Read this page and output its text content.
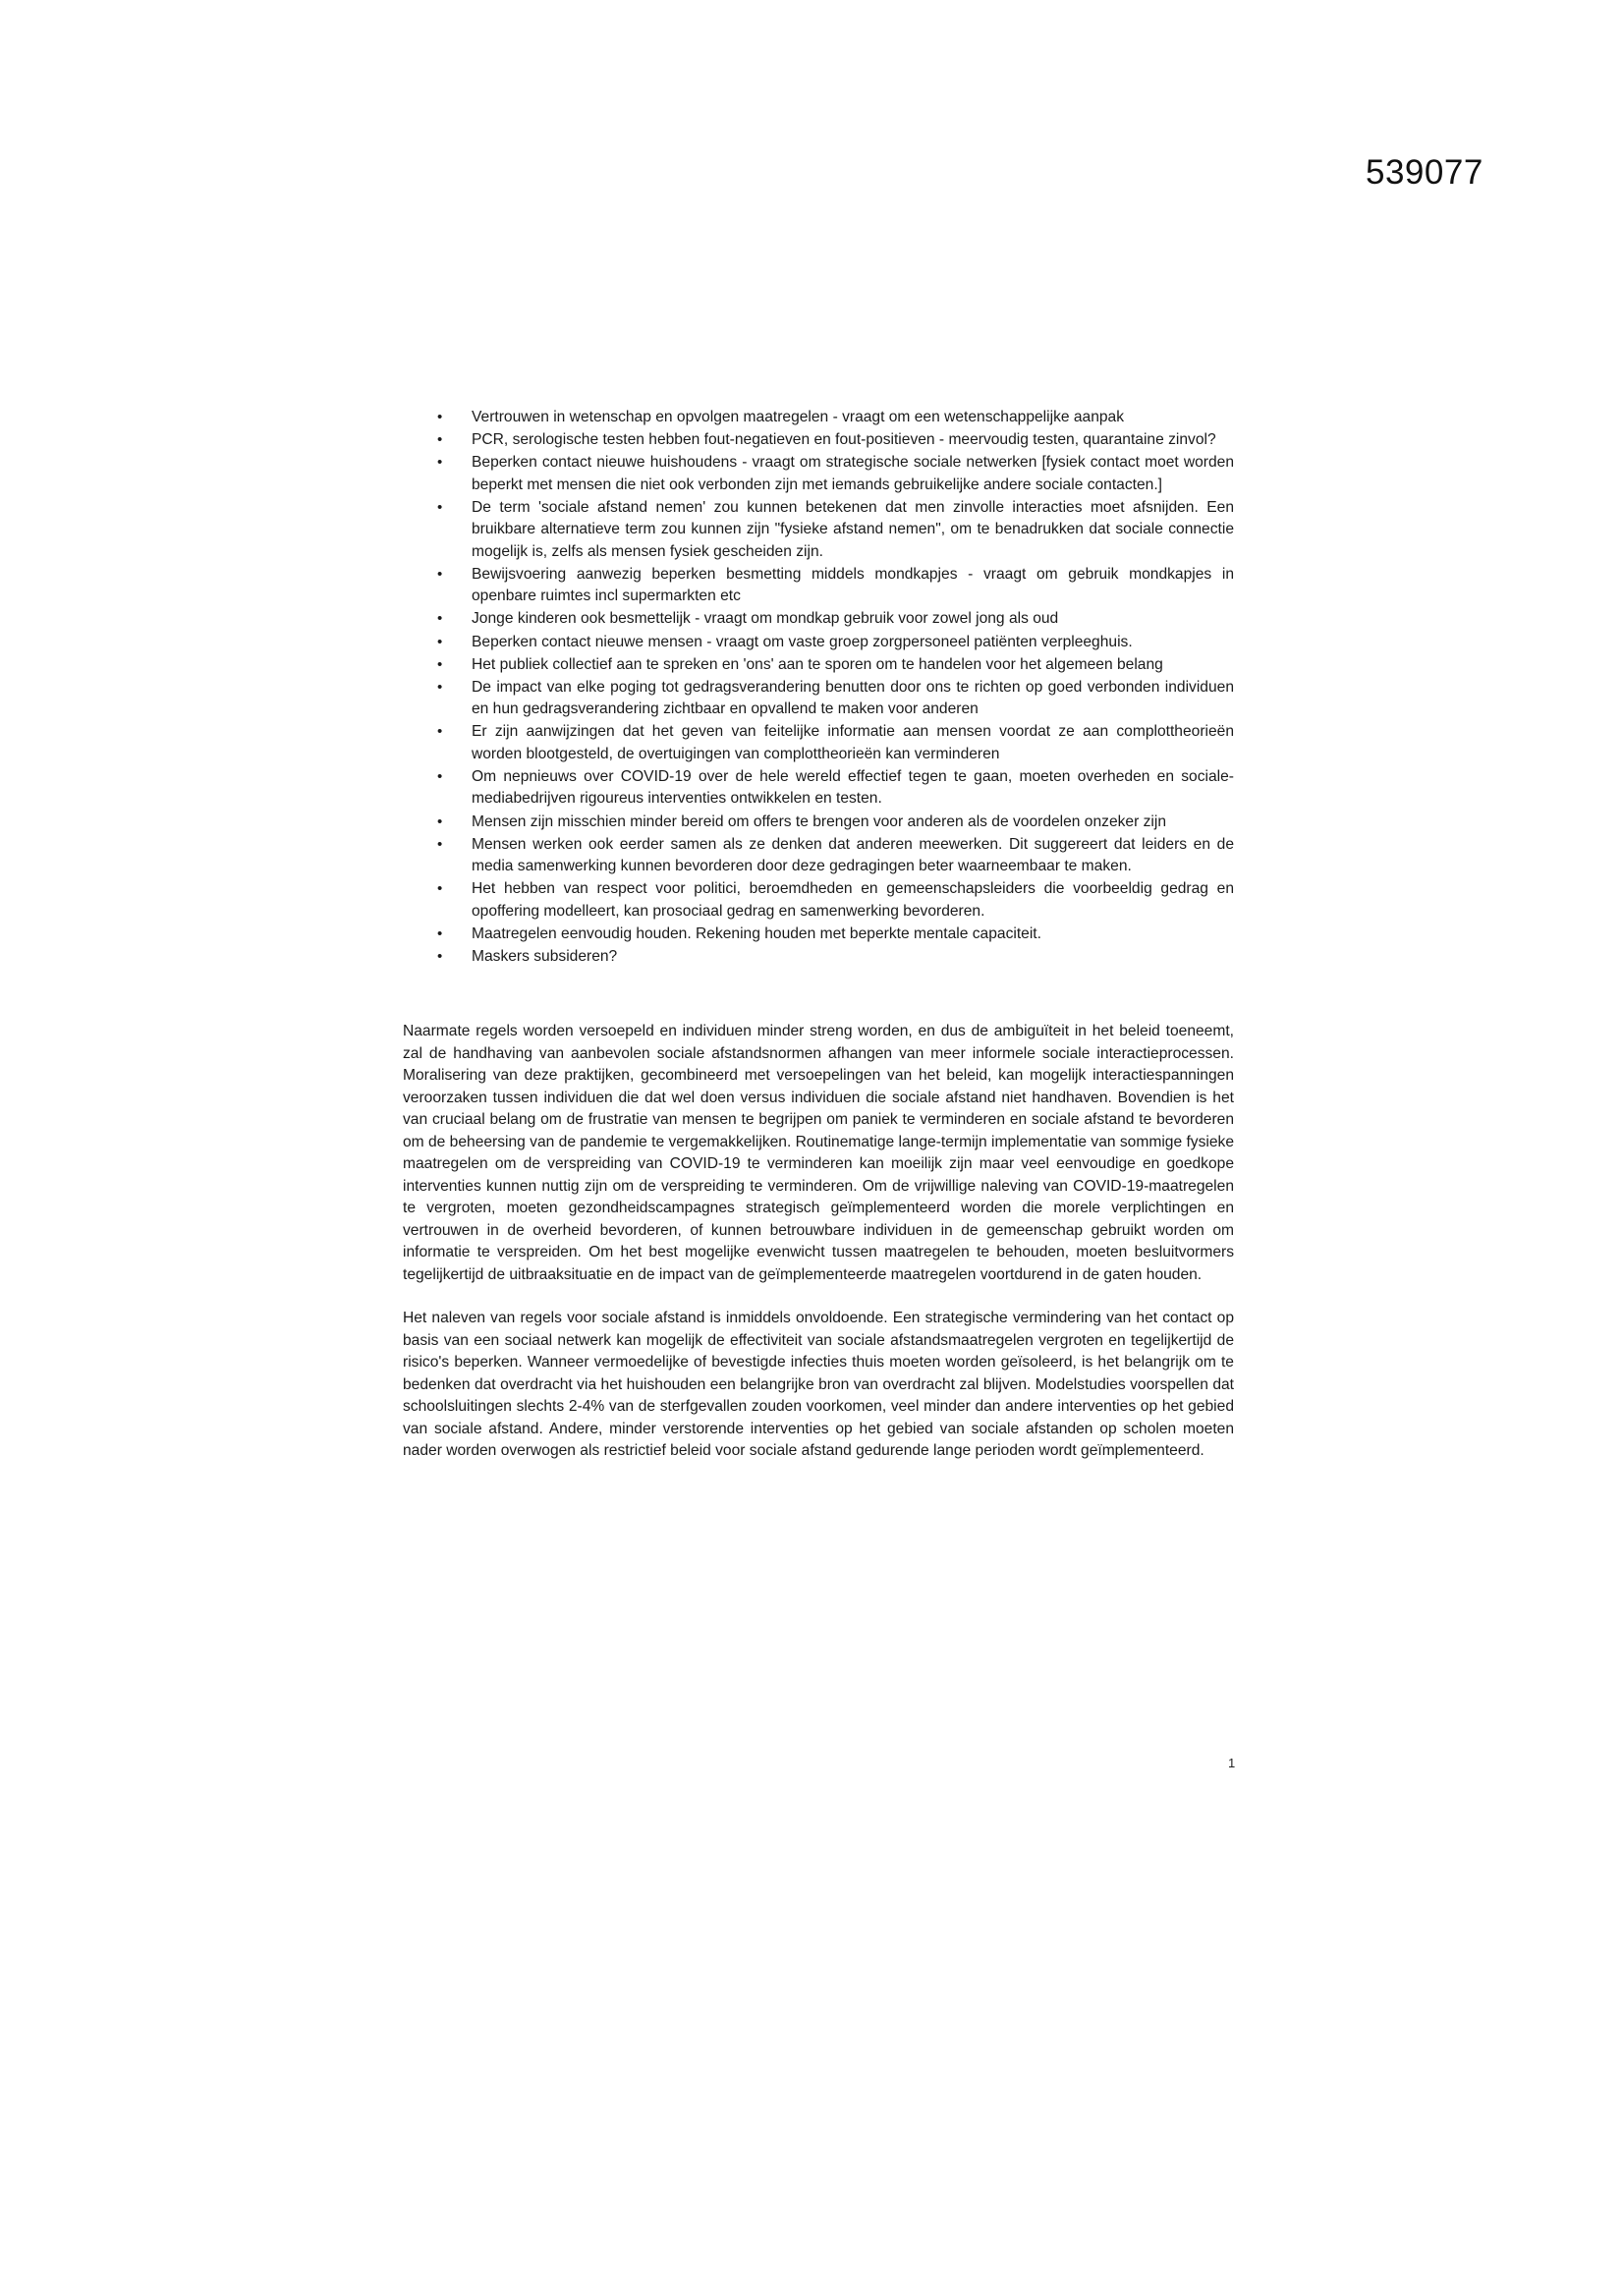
539077
• Vertrouwen in wetenschap en opvolgen maatregelen - vraagt om een wetenschappelijke aanpak
• PCR, serologische testen hebben fout-negatieven en fout-positieven - meervoudig testen, quarantaine zinvol?
• Beperken contact nieuwe huishoudens - vraagt om strategische sociale netwerken [fysiek contact moet worden beperkt met mensen die niet ook verbonden zijn met iemands gebruikelijke andere sociale contacten.]
• De term 'sociale afstand nemen' zou kunnen betekenen dat men zinvolle interacties moet afsnijden. Een bruikbare alternatieve term zou kunnen zijn "fysieke afstand nemen", om te benadrukken dat sociale connectie mogelijk is, zelfs als mensen fysiek gescheiden zijn.
• Bewijsvoering aanwezig beperken besmetting middels mondkapjes - vraagt om gebruik mondkapjes in openbare ruimtes incl supermarkten etc
• Jonge kinderen ook besmettelijk - vraagt om mondkap gebruik voor zowel jong als oud
• Beperken contact nieuwe mensen - vraagt om vaste groep zorgpersoneel patiënten verpleeghuis.
• Het publiek collectief aan te spreken en 'ons' aan te sporen om te handelen voor het algemeen belang
• De impact van elke poging tot gedragsverandering benutten door ons te richten op goed verbonden individuen en hun gedragsverandering zichtbaar en opvallend te maken voor anderen
• Er zijn aanwijzingen dat het geven van feitelijke informatie aan mensen voordat ze aan complottheorieën worden blootgesteld, de overtuigingen van complottheorieën kan verminderen
• Om nepnieuws over COVID-19 over de hele wereld effectief tegen te gaan, moeten overheden en sociale-mediabedrijven rigoureus interventies ontwikkelen en testen.
• Mensen zijn misschien minder bereid om offers te brengen voor anderen als de voordelen onzeker zijn
• Mensen werken ook eerder samen als ze denken dat anderen meewerken. Dit suggereert dat leiders en de media samenwerking kunnen bevorderen door deze gedragingen beter waarneembaar te maken.
• Het hebben van respect voor politici, beroemdheden en gemeenschapsleiders die voorbeeldig gedrag en opoffering modelleert, kan prosociaal gedrag en samenwerking bevorderen.
• Maatregelen eenvoudig houden. Rekening houden met beperkte mentale capaciteit.
• Maskers subsideren?

Naarmate regels worden versoepeld en individuen minder streng worden, en dus de ambiguïteit in het beleid toeneemt, zal de handhaving van aanbevolen sociale afstandsnormen afhangen van meer informele sociale interactieprocessen. Moralisering van deze praktijken, gecombineerd met versoepelingen van het beleid, kan mogelijk interactiespanningen veroorzaken tussen individuen die dat wel doen versus individuen die sociale afstand niet handhaven. Bovendien is het van cruciaal belang om de frustratie van mensen te begrijpen om paniek te verminderen en sociale afstand te bevorderen om de beheersing van de pandemie te vergemakkelijken. Routinematige lange-termijn implementatie van sommige fysieke maatregelen om de verspreiding van COVID-19 te verminderen kan moeilijk zijn maar veel eenvoudige en goedkope interventies kunnen nuttig zijn om de verspreiding te verminderen. Om de vrijwillige naleving van COVID-19-maatregelen te vergroten, moeten gezondheidscampagnes strategisch geïmplementeerd worden die morele verplichtingen en vertrouwen in de overheid bevorderen, of kunnen betrouwbare individuen in de gemeenschap gebruikt worden om informatie te verspreiden. Om het best mogelijke evenwicht tussen maatregelen te behouden, moeten besluitvormers tegelijkertijd de uitbraaksituatie en de impact van de geïmplementeerde maatregelen voortdurend in de gaten houden.

Het naleven van regels voor sociale afstand is inmiddels onvoldoende. Een strategische vermindering van het contact op basis van een sociaal netwerk kan mogelijk de effectiviteit van sociale afstandsmaatregelen vergroten en tegelijkertijd de risico's beperken. Wanneer vermoedelijke of bevestigde infecties thuis moeten worden geïsoleerd, is het belangrijk om te bedenken dat overdracht via het huishouden een belangrijke bron van overdracht zal blijven. Modelstudies voorspellen dat schoolsluitingen slechts 2-4% van de sterfgevallen zouden voorkomen, veel minder dan andere interventies op het gebied van sociale afstand. Andere, minder verstorende interventies op het gebied van sociale afstanden op scholen moeten nader worden overwogen als restrictief beleid voor sociale afstand gedurende lange perioden wordt geïmplementeerd.

1
